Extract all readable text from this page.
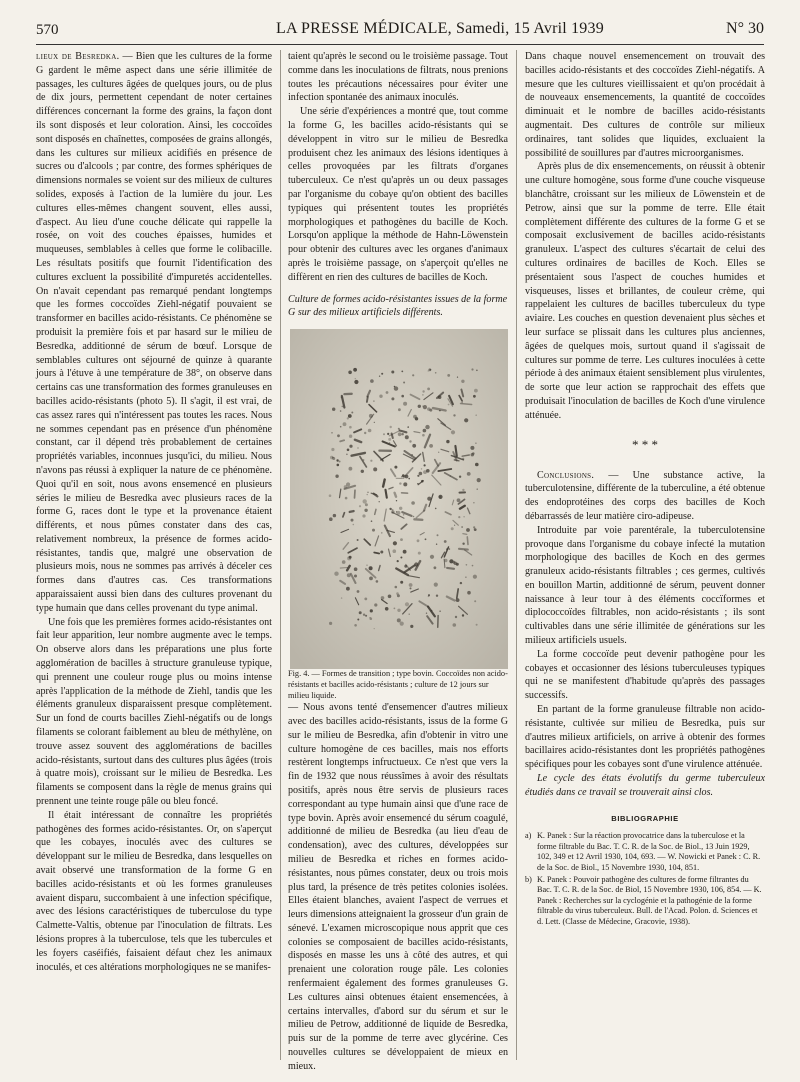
570	LA PRESSE MÉDICALE, Samedi, 15 Avril 1939	N° 30

lieux de Besredka. — Bien que les cultures de la forme G gardent le même aspect dans une série illimitée de passages, les cultures âgées de quelques jours, ou de plus de dix jours, permettent cependant de noter certaines différences concernant la forme des grains, la façon dont ils sont disposés et leur coloration. Ainsi, les coccoïdes sont disposés en chaînettes, composées de grains allongés, dans les cultures sur milieux acidifiés en présence de sucres ou d'alcools ; par contre, des formes sphériques de dimensions normales se voient sur des milieux de cultures solides, exposés à l'action de la lumière du jour. Les cultures elles-mêmes changent souvent, elles aussi, d'aspect. Au lieu d'une couche délicate qui rappelle la rosée, on voit des couches épaisses, humides et muqueuses, semblables à celles que forme le colibacille. Les résultats positifs que fournit l'identification des cultures excluent la possibilité d'impuretés accidentelles. On n'avait cependant pas remarqué pendant longtemps que les formes coccoïdes Ziehl-négatif pouvaient se transformer en bacilles acido-résistants. Ce phénomène se produisit la première fois et par hasard sur le milieu de Besredka, additionné de sérum de bœuf. Lorsque de semblables cultures ont séjourné de quinze à quarante jours à l'étuve à une température de 38°, on observe dans certains cas une transformation des formes granuleuses en bacilles acido-résistants (photo 5). Il s'agit, il est vrai, de cas assez rares qui n'intéressent pas toutes les races. Nous ne sommes cependant pas en présence d'un phénomène constant, car il dépend très probablement de certaines propriétés variables, inconnues jusqu'ici, du milieu. Nous n'avons pas réussi à expliquer la nature de ce phénomène. Quoi qu'il en soit, nous avons ensemencé en plusieurs séries le milieu de Besredka avec plusieurs races de la forme G, races dont le type et la provenance étaient différents, et nous pûmes constater dans des cas, relativement nombreux, la présence de formes acido-résistantes, tandis que, malgré une observation de plusieurs mois, nous ne sommes pas arrivés à déceler ces formes dans d'autres cas. Ces transformations apparaissaient aussi bien dans des cultures provenant du type humain que dans celles provenant du type animal.

Une fois que les premières formes acido-résistantes ont fait leur apparition, leur nombre augmente avec le temps. On observe alors dans les préparations une plus forte agglomération de bacilles à structure granuleuse typique, qui prennent une couleur rouge plus ou moins intense après l'application de la méthode de Ziehl, tandis que les éléments granuleux disparaissent presque complètement. Sur un fond de courts bacilles Ziehl-négatifs ou de longs filaments se colorant faiblement au bleu de méthylène, on trouve assez souvent des agglomérations de bacilles acido-résistants, surtout dans des cultures plus âgées (trois à quatre mois), croissant sur le milieu de Besredka. Les filaments se composent dans la règle de menus grains qui prennent une teinte rouge pâle ou bleu foncé.

Il était intéressant de connaître les propriétés pathogènes des formes acido-résistantes. Or, on s'aperçut que les cobayes, inoculés avec des cultures se développant sur le milieu de Besredka, dans lesquelles on avait observé une transformation de la forme G en bacilles acido-résistants et où les formes granuleuses avaient disparu, succombaient à une infection spécifique, avec des lésions caractéristiques de tuberculose du type Calmette-Valtis, obtenue par l'inoculation de filtrats. Les lésions propres à la tuberculose, tels que les tubercules et les foyers caséifiés, faisaient défaut chez les animaux inoculés, et ces altérations morphologiques ne se manifes-

taient qu'après le second ou le troisième passage. Tout comme dans les inoculations de filtrats, nous prenions toutes les précautions nécessaires pour éviter une infection spontanée des animaux inoculés.

Une série d'expériences a montré que, tout comme la forme G, les bacilles acido-résistants qui se développent in vitro sur le milieu de Besredka produisent chez les animaux des lésions identiques à celles provoquées par les filtrats d'organes tuberculeux. Ce n'est qu'après un ou deux passages par l'organisme du cobaye qu'on obtient des bacilles typiques qui présentent toutes les propriétés morphologiques et pathogènes du bacille de Koch. Lorsqu'on applique la méthode de Hahn-Löwenstein pour obtenir des cultures avec les organes d'animaux après le troisième passage, on s'aperçoit qu'elles ne diffèrent en rien des cultures de bacilles de Koch.

Culture de formes acido-résistantes issues de la forme G sur des milieux artificiels différents.

Fig. 4. — Formes de transition ; type bovin. Coccoïdes non acido-résistants et bacilles acido-résistants ; culture de 12 jours sur milieu liquide.

— Nous avons tenté d'ensemencer d'autres milieux avec des bacilles acido-résistants, issus de la forme G sur le milieu de Besredka, afin d'obtenir in vitro une culture homogène de ces bacilles, mais nos efforts restèrent longtemps infructueux. Ce n'est que vers la fin de 1932 que nous réussîmes à avoir des résultats positifs, après nous être servis de plusieurs races correspondant au type humain ainsi que d'une race de type bovin. Après avoir ensemencé du sérum coagulé, additionné de milieu de Besredka (au lieu d'eau de condensation), avec des cultures, développées sur milieu de Besredka et riches en formes acido-résistantes, nous pûmes constater, deux ou trois mois plus tard, la présence de très petites colonies isolées. Elles étaient blanches, avaient l'aspect de verrues et leurs dimensions atteignaient la grosseur d'un grain de sénevé. L'examen microscopique nous apprit que ces colonies se composaient de bacilles acido-résistants, disposés en masse les uns à côté des autres, et qui prenaient une coloration rouge pâle. Les colonies renfermaient également des formes granuleuses G. Les cultures ainsi obtenues étaient ensemencées, à certains intervalles, d'abord sur du sérum et sur le milieu de Petrow, additionné de liquide de Besredka, puis sur de la pomme de terre avec glycérine. Ces nouvelles cultures se développaient de mieux en mieux.

Dans chaque nouvel ensemencement on trouvait des bacilles acido-résistants et des coccoïdes Ziehl-négatifs. A mesure que les cultures vieillissaient et qu'on procédait à de nouveaux ensemencements, la quantité de coccoïdes diminuait et le nombre de bacilles acido-résistants augmentait. Des cultures de contrôle sur milieux ordinaires, tant solides que liquides, excluaient la possibilité de souillures par d'autres microorganismes.

Après plus de dix ensemencements, on réussit à obtenir une culture homogène, sous forme d'une couche visqueuse blanchâtre, croissant sur les milieux de Löwenstein et de Petrow, ainsi que sur la pomme de terre. Elle était complètement différente des cultures de la forme G et se composait exclusivement de bacilles acido-résistants granuleux. L'aspect des cultures s'écartait de celui des cultures ordinaires de bacilles de Koch. Elles se présentaient sous l'aspect de couches humides et visqueuses, lisses et brillantes, de couleur crème, qui rappelaient les cultures de bacilles tuberculeux du type aviaire. Les couches en question devenaient plus sèches et leur surface se plissait dans les cultures plus anciennes, âgées de quelques mois, surtout quand il s'agissait de cultures sur pomme de terre. Les cultures inoculées à cette période à des animaux étaient sensiblement plus virulentes, de sorte que leur action se rapprochait des effets que produisait l'inoculation de bacilles de Koch d'une virulence atténuée.

* * *

Conclusions. — Une substance active, la tuberculotensine, différente de la tuberculine, a été obtenue des endoprotéines des corps des bacilles de Koch débarrassés de leur matière ciro-adipeuse.

Introduite par voie parentérale, la tuberculotensine provoque dans l'organisme du cobaye infecté la mutation morphologique des bacilles de Koch en des germes granuleux acido-résistants filtrables ; ces germes, cultivés en bouillon Martin, additionné de sérum, peuvent donner naissance à leur tour à des éléments coccïformes et diplococcoïdes filtrables, non acido-résistants ; ils sont cultivables dans une série illimitée de générations sur les milieux artificiels usuels.

La forme coccoïde peut devenir pathogène pour les cobayes et occasionner des lésions tuberculeuses typiques qui ne se manifestent d'habitude qu'après des passages successifs.

En partant de la forme granuleuse filtrable non acido-résistante, cultivée sur milieu de Besredka, puis sur d'autres milieux artificiels, on arrive à obtenir des formes bacillaires acido-résistantes dont les propriétés pathogènes spécifiques pour les cobayes sont d'une virulence atténuée.

Le cycle des états évolutifs du germe tuberculeux étudiés dans ce travail se trouverait ainsi clos.

BIBLIOGRAPHIE

a) K. Panek : Sur la réaction provocatrice dans la tuberculose et la forme filtrable du Bac. T. C. R. de la Soc. de Biol., 13 Juin 1929, 102, 349 et 12 Avril 1930, 104, 693. — W. Nowicki et Panek : C. R. de la Soc. de Biol., 15 Novembre 1930, 104, 851.

b) K. Panek : Pouvoir pathogène des cultures de forme filtrantes du Bac. T. C. R. de la Soc. de Biol, 15 Novembre 1930, 106, 854. — K. Panek : Recherches sur la cyclogénie et la pathogénie de la forme filtrable du virus tuberculeux. Bull. de l'Acad. Polon. d. Sciences et d. Lett. (Classe de Médecine, Gracovie, 1938).
